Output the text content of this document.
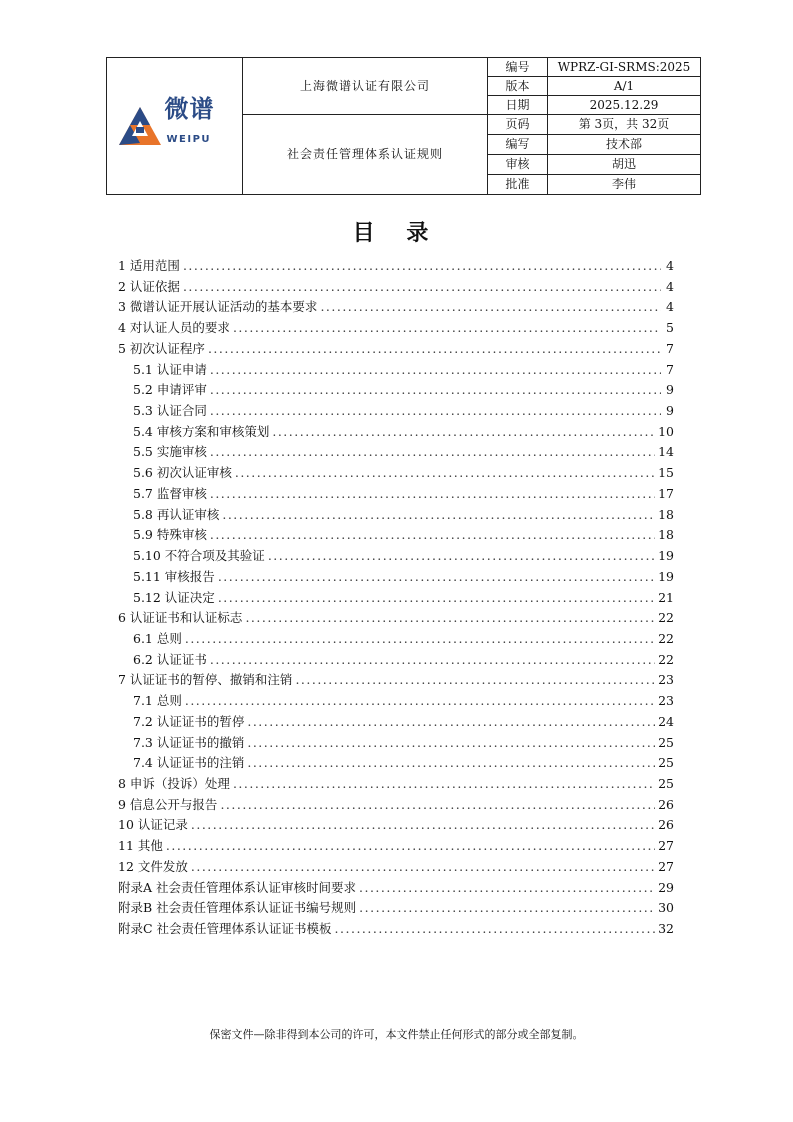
微谱
WEIPU	上海微谱认证有限公司	编号	WPRZ-GI-SRMS:2025
		版本	A/1
		日期	2025.12.29
	社会责任管理体系认证规则	页码	第 3页，共 32页
		编写	技术部
		审核	胡迅
		批准	李伟
目 录
1 适用范围 .....	4
2 认证依据 .....	4
3 微谱认证开展认证活动的基本要求 .....	4
4 对认证人员的要求 .....	5
5 初次认证程序 .....	7
5.1 认证申请 .....	7
5.2 申请评审 .....	9
5.3 认证合同 .....	9
5.4 审核方案和审核策划 .....	10
5.5 实施审核 .....	14
5.6 初次认证审核 .....	15
5.7 监督审核 .....	17
5.8 再认证审核 .....	18
5.9 特殊审核 .....	18
5.10 不符合项及其验证 .....	19
5.11 审核报告 .....	19
5.12 认证决定 .....	21
6 认证证书和认证标志 .....	22
6.1 总则 .....	22
6.2 认证证书 .....	22
7 认证证书的暂停、撤销和注销 .....	23
7.1 总则 .....	23
7.2 认证证书的暂停 .....	24
7.3 认证证书的撤销 .....	25
7.4 认证证书的注销 .....	25
8 申诉（投诉）处理 .....	25
9 信息公开与报告 .....	26
10 认证记录 .....	26
11 其他 .....	27
12 文件发放 .....	27
附录A 社会责任管理体系认证审核时间要求 .....	29
附录B 社会责任管理体系认证证书编号规则 .....	30
附录C 社会责任管理体系认证证书模板 .....	32
保密文件—除非得到本公司的许可，本文件禁止任何形式的部分或全部复制。
